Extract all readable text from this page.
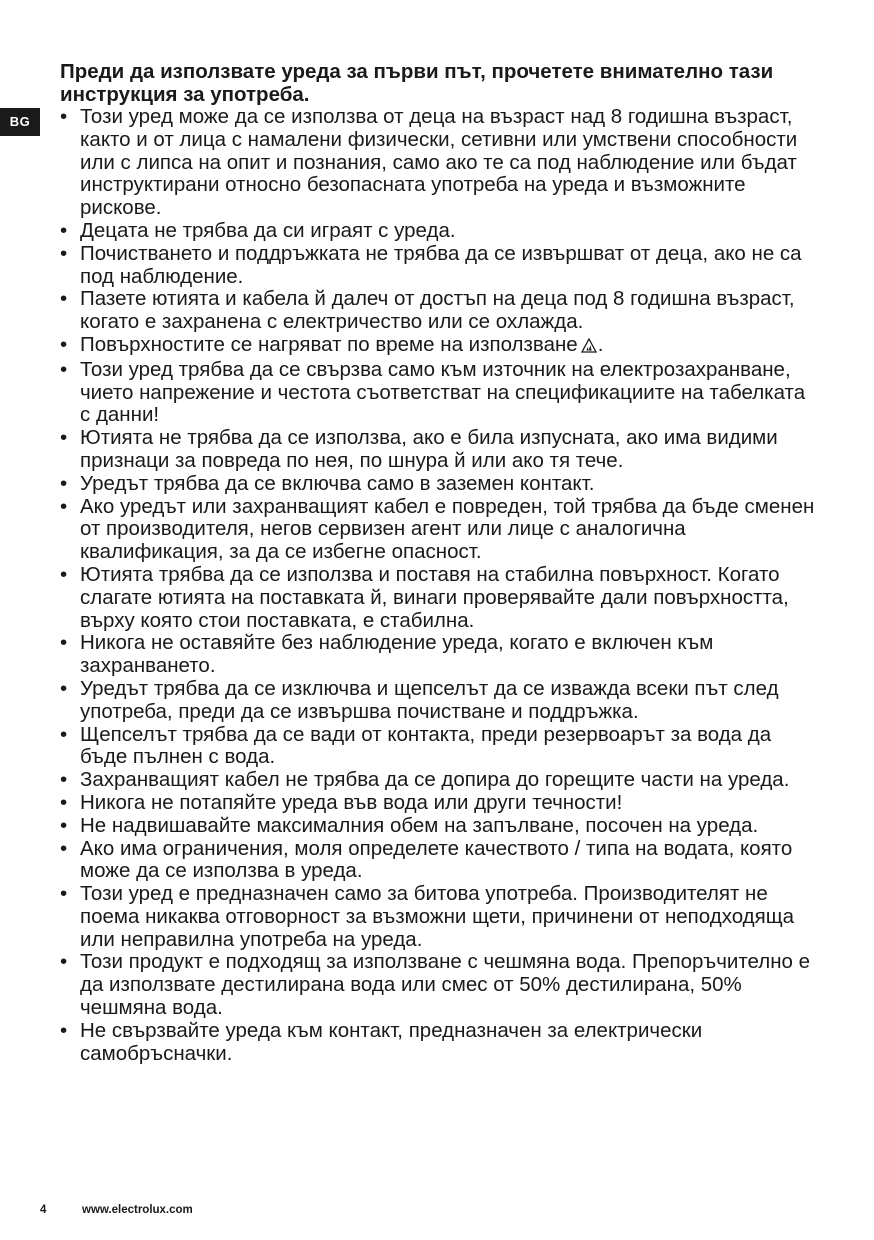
BG

Преди да използвате уреда за първи път, прочетете внимателно тази инструкция за употреба.

• Този уред може да се използва от деца на възраст над 8 годишна възраст, както и от лица с намалени физически, сетивни или умствени способности или с липса на опит и познания, само ако те са под наблюдение или бъдат инструктирани относно безопасната употреба на уреда и възможните рискове.
• Децата не трябва да си играят с уреда.
• Почистването и поддръжката не трябва да се извършват от деца, ако не са под наблюдение.
• Пазете ютията и кабела й далеч от достъп на деца под 8 годишна възраст, когато е захранена с електричество или се охлажда.
• Повърхностите се нагряват по време на използване .
• Този уред трябва да се свързва само към източник на електрозахранване, чието напрежение и честота съответстват на спецификациите на табелката с данни!
• Ютията не трябва да се използва, ако е била изпусната, ако има видими признаци за повреда по нея, по шнура й или ако тя тече.
• Уредът трябва да се включва само в заземен контакт.
• Ако уредът или захранващият кабел е повреден, той трябва да бъде сменен от производителя, негов сервизен агент или лице с аналогична квалификация, за да се избегне опасност.
• Ютията трябва да се използва и поставя на стабилна повърхност. Когато слагате ютията на поставката й, винаги проверявайте дали повърхността, върху която стои поставката, е стабилна.
• Никога не оставяйте без наблюдение уреда, когато е включен към захранването.
• Уредът трябва да се изключва и щепселът да се изважда всеки път след употреба, преди да се извършва почистване и поддръжка.
• Щепселът трябва да се вади от контакта, преди резервоарът за вода да бъде пълнен с вода.
• Захранващият кабел не трябва да се допира до горещите части на уреда.
• Никога не потапяйте уреда във вода или други течности!
• Не надвишавайте максималния обем на запълване, посочен на уреда.
• Ако има ограничения, моля определете качеството / типа на водата, която може да се използва в уреда.
• Този уред е предназначен само за битова употреба. Производителят не поема никаква отговорност за възможни щети, причинени от неподходяща или неправилна употреба на уреда.
• Този продукт е подходящ за използване с чешмяна вода. Препоръчително е да използвате дестилирана вода или смес от 50% дестилирана, 50% чешмяна вода.
• Не свързвайте уреда към контакт, предназначен за електрически самобръсначки.
4	www.electrolux.com
